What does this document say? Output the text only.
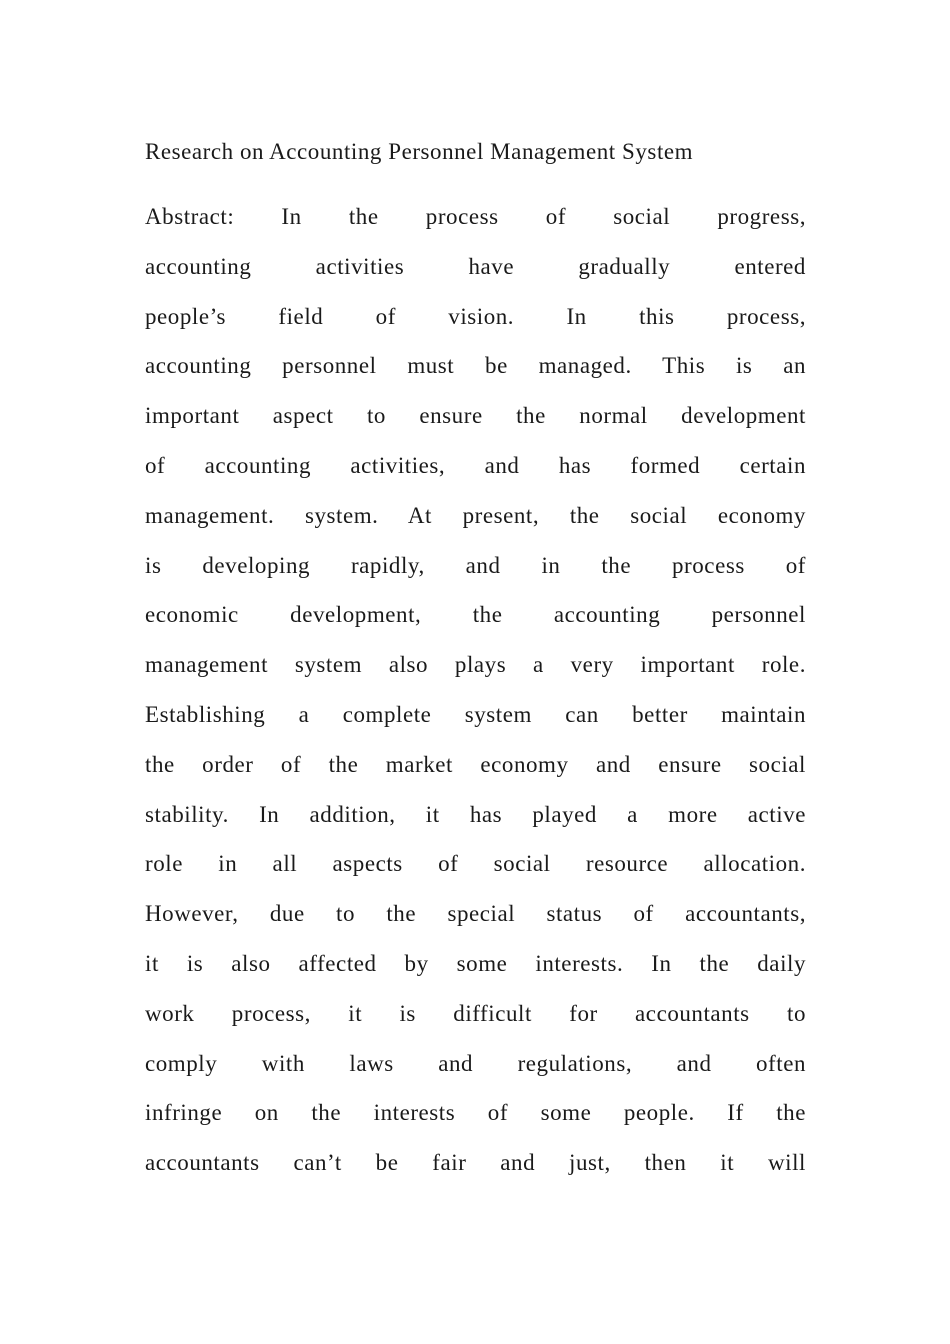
Research on Accounting Personnel Management System
Abstract: In the process of social progress,
accounting activities have gradually entered
people’s field of vision. In this process,
accounting personnel must be managed. This is an
important aspect to ensure the normal development
of accounting activities, and has formed certain
management. system. At present, the social economy
is developing rapidly, and in the process of
economic development, the accounting personnel
management system also plays a very important role.
Establishing a complete system can better maintain
the order of the market economy and ensure social
stability. In addition, it has played a more active
role in all aspects of social resource allocation.
However, due to the special status of accountants,
it is also affected by some interests. In the daily
work process, it is difficult for accountants to
comply with laws and regulations, and often
infringe on the interests of some people. If the
accountants can’t be fair and just, then it will
